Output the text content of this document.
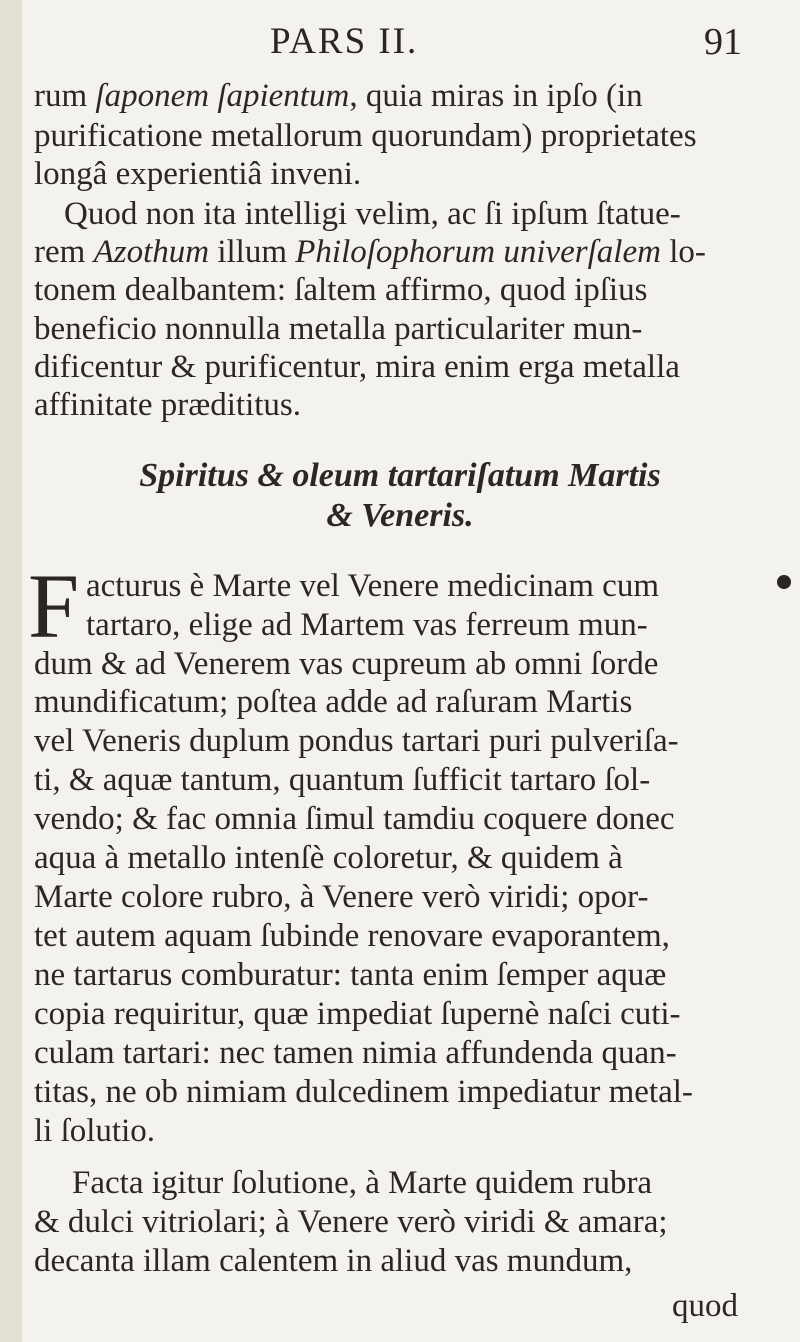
PARS II.	91
rum ſaponem ſapientum, quia miras in ipſo (in
purificatione metallorum quorundam) proprietates
longâ experientiâ inveni.
Quod non ita intelligi velim, ac ſi ipſum ſtatue-
rem Azothum illum Philoſophorum univerſalem lo-
tonem dealbantem: ſaltem affirmo, quod ipſius
beneficio nonnulla metalla particulariter mun-
dificentur & purificentur, mira enim erga metalla
affinitate prædititus.
Spiritus & oleum tartariſatum Martis
& Veneris.
F acturus è Marte vel Venere medicinam cum
tartaro, elige ad Martem vas ferreum mun-
dum & ad Venerem vas cupreum ab omni ſorde
mundificatum; poſtea adde ad raſuram Martis
vel Veneris duplum pondus tartari puri pulveriſa-
ti, & aquæ tantum, quantum ſufficit tartaro ſol-
vendo; & fac omnia ſimul tamdiu coquere donec
aqua à metallo intenſè coloretur, & quidem à
Marte colore rubro, à Venere verò viridi; opor-
tet autem aquam ſubinde renovare evaporantem,
ne tartarus comburatur: tanta enim ſemper aquæ
copia requiritur, quæ impediat ſupernè naſci cuti-
culam tartari: nec tamen nimia affundenda quan-
titas, ne ob nimiam dulcedinem impediatur metal-
li ſolutio.
Facta igitur ſolutione, à Marte quidem rubra
& dulci vitriolari; à Venere verò viridi & amara;
decanta illam calentem in aliud vas mundum,
quod
